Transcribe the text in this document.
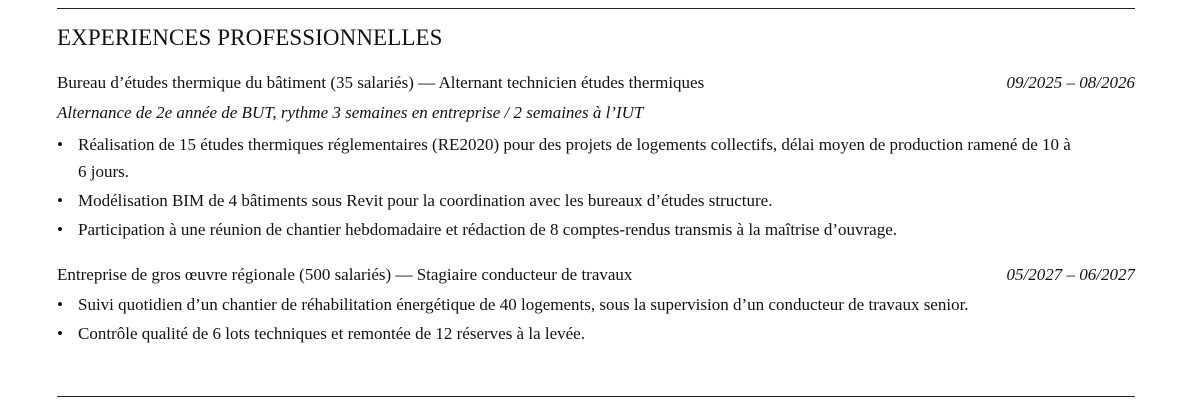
EXPERIENCES PROFESSIONNELLES
Bureau d’études thermique du bâtiment (35 salariés) — Alternant technicien études thermiques	09/2025 – 08/2026
Alternance de 2e année de BUT, rythme 3 semaines en entreprise / 2 semaines à l’IUT
• Réalisation de 15 études thermiques réglementaires (RE2020) pour des projets de logements collectifs, délai moyen de production ramené de 10 à 6 jours.
• Modélisation BIM de 4 bâtiments sous Revit pour la coordination avec les bureaux d’études structure.
• Participation à une réunion de chantier hebdomadaire et rédaction de 8 comptes-rendus transmis à la maîtrise d’ouvrage.
Entreprise de gros œuvre régionale (500 salariés) — Stagiaire conducteur de travaux	05/2027 – 06/2027
• Suivi quotidien d’un chantier de réhabilitation énergétique de 40 logements, sous la supervision d’un conducteur de travaux senior.
• Contrôle qualité de 6 lots techniques et remontée de 12 réserves à la levée.
